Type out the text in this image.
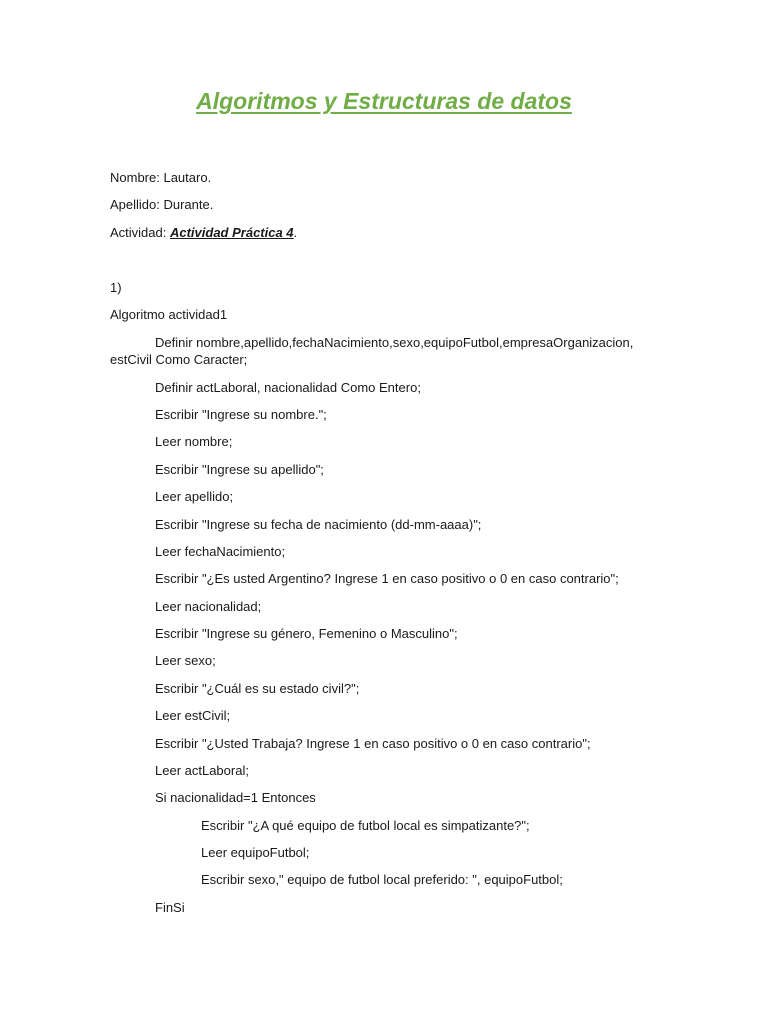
Algoritmos y Estructuras de datos
Nombre: Lautaro.
Apellido: Durante.
Actividad: Actividad Práctica 4.
1)
Algoritmo actividad1
Definir nombre,apellido,fechaNacimiento,sexo,equipoFutbol,empresaOrganizacion,
estCivil Como Caracter;
Definir actLaboral, nacionalidad Como Entero;
Escribir "Ingrese su nombre.";
Leer nombre;
Escribir "Ingrese su apellido";
Leer apellido;
Escribir "Ingrese su fecha de nacimiento (dd-mm-aaaa)";
Leer fechaNacimiento;
Escribir "¿Es usted Argentino? Ingrese 1 en caso positivo o 0 en caso contrario";
Leer nacionalidad;
Escribir "Ingrese su género, Femenino o Masculino";
Leer sexo;
Escribir "¿Cuál es su estado civil?";
Leer estCivil;
Escribir "¿Usted Trabaja? Ingrese 1 en caso positivo o 0 en caso contrario";
Leer actLaboral;
Si nacionalidad=1 Entonces
Escribir "¿A qué equipo de futbol local es simpatizante?";
Leer equipoFutbol;
Escribir sexo," equipo de futbol local preferido: ", equipoFutbol;
FinSi
